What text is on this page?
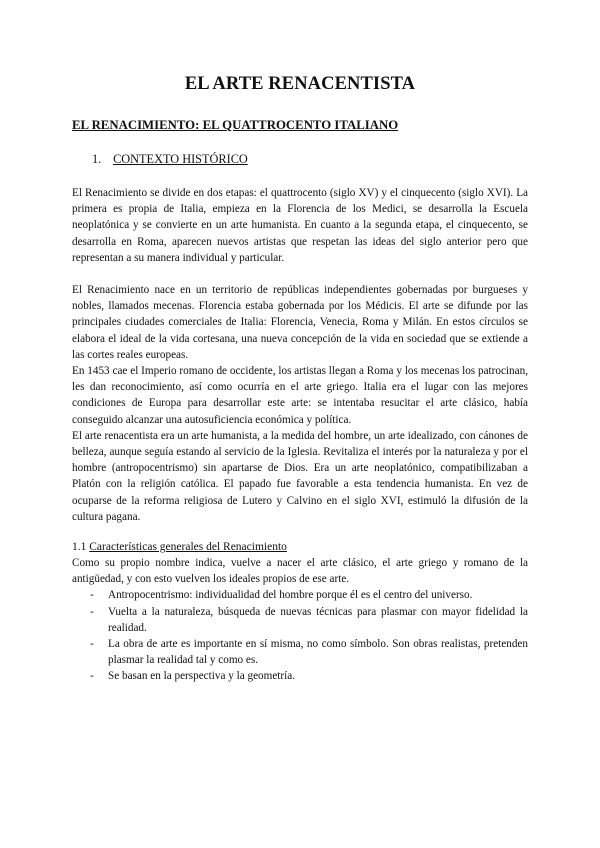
EL ARTE RENACENTISTA
EL RENACIMIENTO: EL QUATTROCENTO ITALIANO
1. CONTEXTO HISTÓRICO

El Renacimiento se divide en dos etapas: el quattrocento (siglo XV) y el cinquecento (siglo XVI). La primera es propia de Italia, empieza en la Florencia de los Medici, se desarrolla la Escuela neoplatónica y se convierte en un arte humanista. En cuanto a la segunda etapa, el cinquecento, se desarrolla en Roma, aparecen nuevos artistas que respetan las ideas del siglo anterior pero que representan a su manera individual y particular.

El Renacimiento nace en un territorio de repúblicas independientes gobernadas por burgueses y nobles, llamados mecenas. Florencia estaba gobernada por los Médicis. El arte se difunde por las principales ciudades comerciales de Italia: Florencia, Venecia, Roma y Milán. En estos círculos se elabora el ideal de la vida cortesana, una nueva concepción de la vida en sociedad que se extiende a las cortes reales europeas.

En 1453 cae el Imperio romano de occidente, los artistas llegan a Roma y los mecenas los patrocinan, les dan reconocimiento, así como ocurría en el arte griego. Italia era el lugar con las mejores condiciones de Europa para desarrollar este arte: se intentaba resucitar el arte clásico, había conseguido alcanzar una autosuficiencia económica y política.

El arte renacentista era un arte humanista, a la medida del hombre, un arte idealizado, con cánones de belleza, aunque seguía estando al servicio de la Iglesia. Revitaliza el interés por la naturaleza y por el hombre (antropocentrismo) sin apartarse de Dios. Era un arte neoplatónico, compatibilizaban a Platón con la religión católica. El papado fue favorable a esta tendencia humanista. En vez de ocuparse de la reforma religiosa de Lutero y Calvino en el siglo XVI, estimuló la difusión de la cultura pagana.

1.1 Características generales del Renacimiento

Como su propio nombre indica, vuelve a nacer el arte clásico, el arte griego y romano de la antigüedad, y con esto vuelven los ideales propios de ese arte.

- Antropocentrismo: individualidad del hombre porque él es el centro del universo.
- Vuelta a la naturaleza, búsqueda de nuevas técnicas para plasmar con mayor fidelidad la realidad.
- La obra de arte es importante en sí misma, no como símbolo. Son obras realistas, pretenden plasmar la realidad tal y como es.
- Se basan en la perspectiva y la geometría.
